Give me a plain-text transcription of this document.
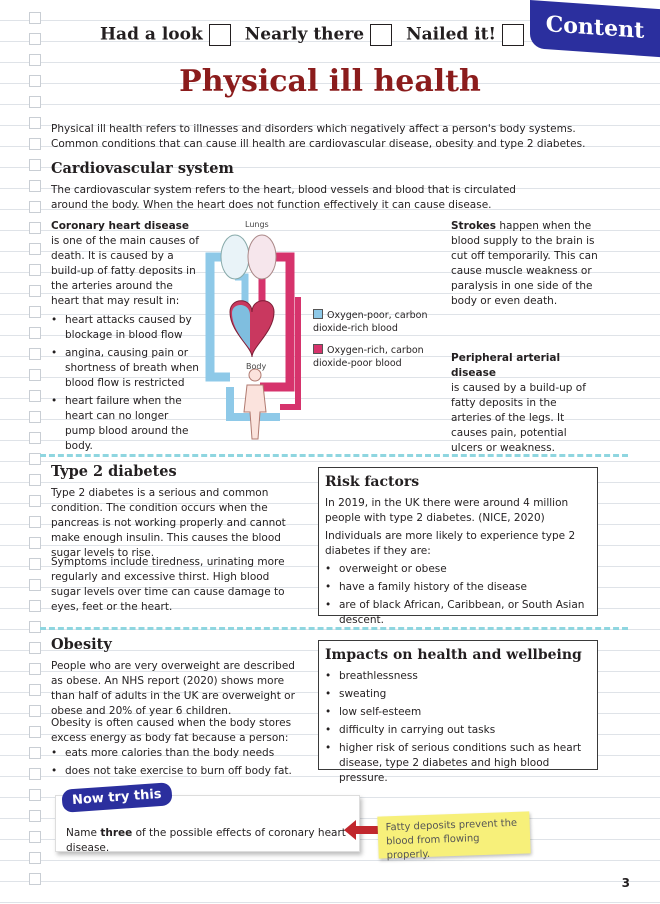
Content
Had a look	Nearly there	Nailed it!
Physical ill health
Physical ill health refers to illnesses and disorders which negatively affect a person's body systems. Common conditions that can cause ill health are cardiovascular disease, obesity and type 2 diabetes.
Cardiovascular system
The cardiovascular system refers to the heart, blood vessels and blood that is circulated around the body. When the heart does not function effectively it can cause disease.
Coronary heart disease is one of the main causes of death. It is caused by a build-up of fatty deposits in the arteries around the heart that may result in:
• heart attacks caused by blockage in blood flow
• angina, causing pain or shortness of breath when blood flow is restricted
• heart failure when the heart can no longer pump blood around the body.
Lungs
Body
Oxygen-poor, carbon dioxide-rich blood
Oxygen-rich, carbon dioxide-poor blood
Strokes happen when the blood supply to the brain is cut off temporarily. This can cause muscle weakness or paralysis in one side of the body or even death.
Peripheral arterial disease
is caused by a build-up of fatty deposits in the arteries of the legs. It causes pain, potential ulcers or weakness.
Type 2 diabetes
Type 2 diabetes is a serious and common condition. The condition occurs when the pancreas is not working properly and cannot make enough insulin. This causes the blood sugar levels to rise.
Symptoms include tiredness, urinating more regularly and excessive thirst. High blood sugar levels over time can cause damage to eyes, feet or the heart.
Risk factors
In 2019, in the UK there were around 4 million people with type 2 diabetes. (NICE, 2020)
Individuals are more likely to experience type 2 diabetes if they are:
• overweight or obese
• have a family history of the disease
• are of black African, Caribbean, or South Asian descent.
Obesity
People who are very overweight are described as obese. An NHS report (2020) shows more than half of adults in the UK are overweight or obese and 20% of year 6 children.
Obesity is often caused when the body stores excess energy as body fat because a person:
• eats more calories than the body needs
• does not take exercise to burn off body fat.
Impacts on health and wellbeing
• breathlessness
• sweating
• low self-esteem
• difficulty in carrying out tasks
• higher risk of serious conditions such as heart disease, type 2 diabetes and high blood pressure.
Now try this
Name three of the possible effects of coronary heart disease.
Fatty deposits prevent the blood from flowing properly.
3
